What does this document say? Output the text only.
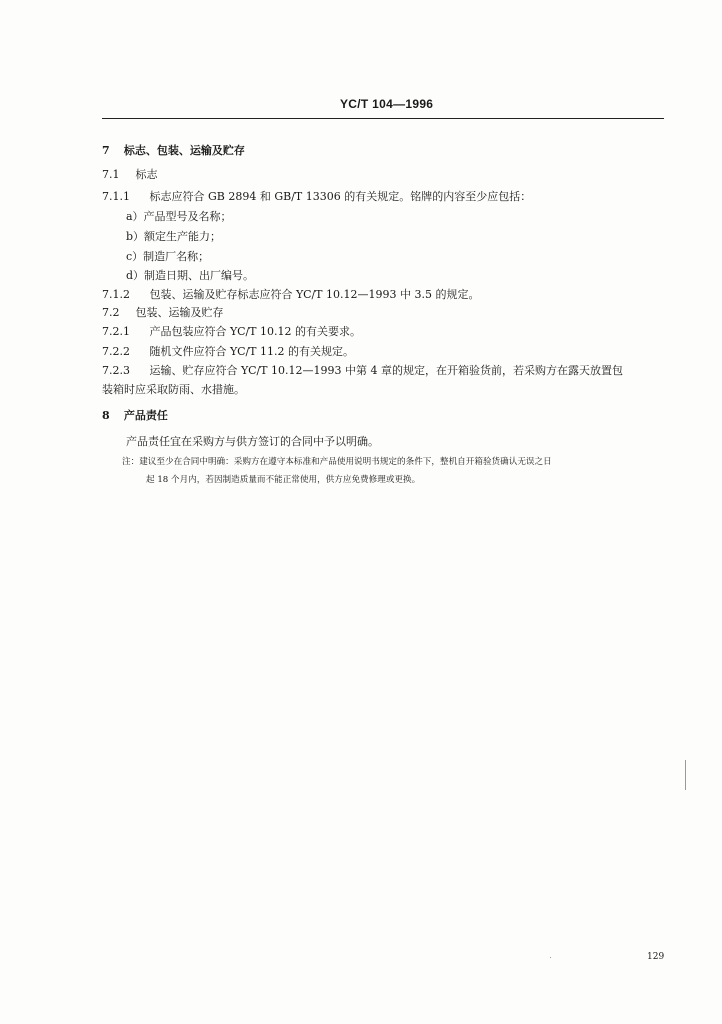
YC/T 104—1996
7 标志、包装、运输及贮存
7.1 标志
7.1.1 标志应符合 GB 2894 和 GB/T 13306 的有关规定。铭牌的内容至少应包括：
a）产品型号及名称；
b）额定生产能力；
c）制造厂名称；
d）制造日期、出厂编号。
7.1.2 包装、运输及贮存标志应符合 YC/T 10.12—1993 中 3.5 的规定。
7.2 包装、运输及贮存
7.2.1 产品包装应符合 YC/T 10.12 的有关要求。
7.2.2 随机文件应符合 YC/T 11.2 的有关规定。
7.2.3 运输、贮存应符合 YC/T 10.12—1993 中第 4 章的规定，在开箱验货前，若采购方在露天放置包
装箱时应采取防雨、水措施。
8 产品责任
产品责任宜在采购方与供方签订的合同中予以明确。
注：建议至少在合同中明确：采购方在遵守本标准和产品使用说明书规定的条件下，整机自开箱验货确认无误之日
起 18 个月内，若因制造质量而不能正常使用，供方应免费修理或更换。
129
